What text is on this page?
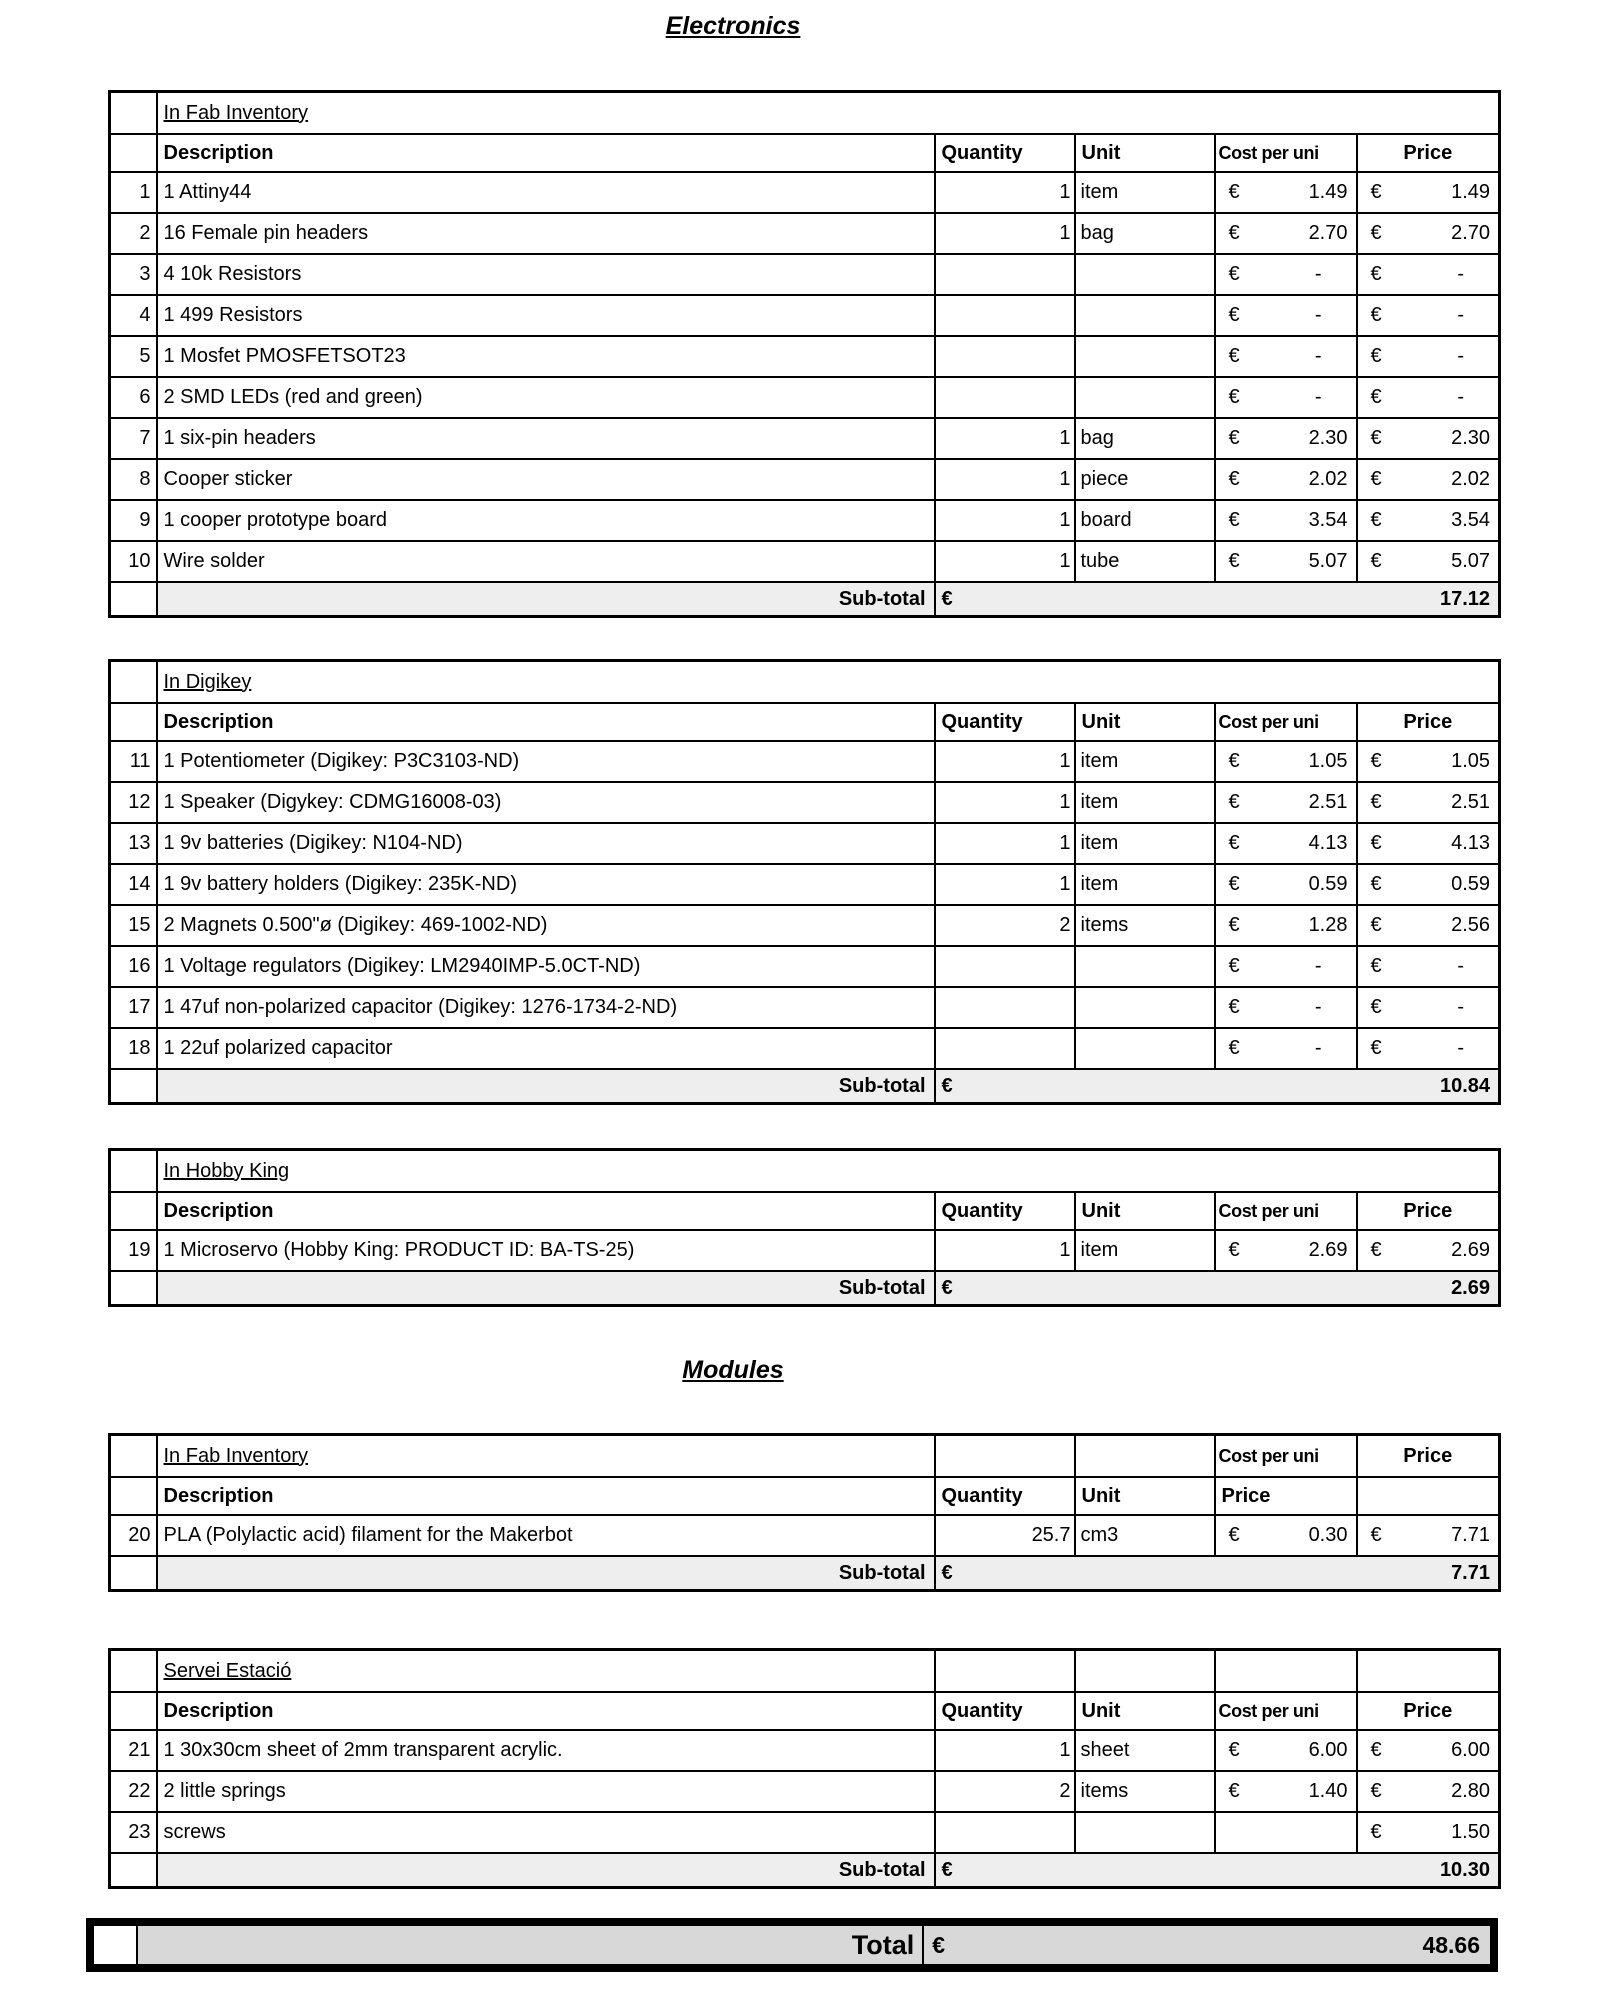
Electronics
	In Fab Inventory				
	Description	Quantity	Unit	Cost per uni	Price
1	1 Attiny44	1	item	€ 1.49	€ 1.49

2	16 Female pin headers	1	bag	€ 2.70	€ 2.70

3	4 10k Resistors			€ -	€ -

4	1 499 Resistors			€ -	€ -

5	1 Mosfet PMOSFETSOT23			€ -	€ -

6	2 SMD LEDs (red and green)			€ -	€ -

7	1 six-pin headers	1	bag	€ 2.30	€ 2.30

8	Cooper sticker	1	piece	€ 2.02	€ 2.02

9	1 cooper prototype board	1	board	€ 3.54	€ 3.54

10	Wire solder	1	tube	€ 5.07	€ 5.07

	Sub-total	€ 17.12			
	In Digikey				
	Description	Quantity	Unit	Cost per uni	Price
11	1 Potentiometer (Digikey: P3C3103-ND)	1	item	€ 1.05	€ 1.05

12	1 Speaker (Digykey: CDMG16008-03)	1	item	€ 2.51	€ 2.51

13	1 9v batteries (Digikey: N104-ND)	1	item	€ 4.13	€ 4.13

14	1 9v battery holders (Digikey: 235K-ND)	1	item	€ 0.59	€ 0.59

15	2 Magnets 0.500"ø (Digikey: 469-1002-ND)	2	items	€ 1.28	€ 2.56

16	1 Voltage regulators (Digikey: LM2940IMP-5.0CT-ND)			€ -	€ -

17	1 47uf non-polarized capacitor (Digikey: 1276-1734-2-ND)			€ -	€ -

18	1 22uf polarized capacitor			€ -	€ -

	Sub-total	€ 10.84			
	In Hobby King				
	Description	Quantity	Unit	Cost per uni	Price
19	1 Microservo (Hobby King: PRODUCT ID: BA-TS-25)	1	item	€ 2.69	€ 2.69

	Sub-total	€ 2.69			
Modules
	In Fab Inventory			Cost per uni	Price
	Description	Quantity	Unit	Price	
20	PLA (Polylactic acid) filament for the Makerbot	25.7	cm3	€ 0.30	€ 7.71

	Sub-total	€ 7.71			
	Servei Estació				
	Description	Quantity	Unit	Cost per uni	Price
21	1 30x30cm sheet of 2mm transparent acrylic.	1	sheet	€ 6.00	€ 6.00

22	2 little springs	2	items	€ 1.40	€ 2.80

23	screws				€ 1.50

	Sub-total	€ 10.30			
	Total	€	48.66
